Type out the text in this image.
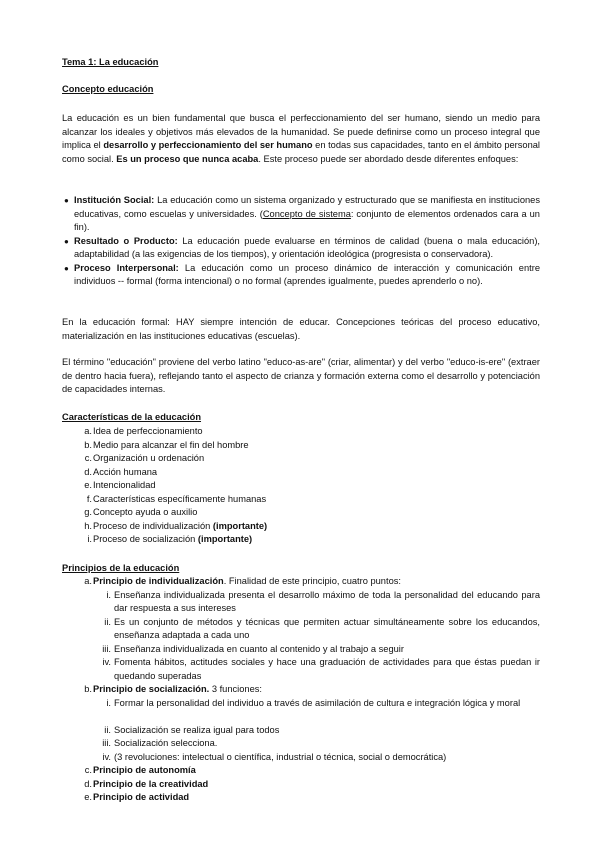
Tema 1: La educación
Concepto educación

La educación es un bien fundamental que busca el perfeccionamiento del ser humano, siendo un medio para alcanzar los ideales y objetivos más elevados de la humanidad. Se puede definirse como un proceso integral que implica el desarrollo y perfeccionamiento del ser humano en todas sus capacidades, tanto en el ámbito personal como social. Es un proceso que nunca acaba. Este proceso puede ser abordado desde diferentes enfoques:

● Institución Social: La educación como un sistema organizado y estructurado que se manifiesta en instituciones educativas, como escuelas y universidades. (Concepto de sistema: conjunto de elementos ordenados cara a un fin).
● Resultado o Producto: La educación puede evaluarse en términos de calidad (buena o mala educación), adaptabilidad (a las exigencias de los tiempos), y orientación ideológica (progresista o conservadora).
● Proceso Interpersonal: La educación como un proceso dinámico de interacción y comunicación entre individuos -- formal (forma intencional) o no formal (aprendes igualmente, puedes aprenderlo o no).

En la educación formal: HAY siempre intención de educar. Concepciones teóricas del proceso educativo, materialización en las instituciones educativas (escuelas).

El término "educación" proviene del verbo latino "educo-as-are" (criar, alimentar) y del verbo "educo-is-ere" (extraer de dentro hacia fuera), reflejando tanto el aspecto de crianza y formación externa como el desarrollo y potenciación de capacidades internas.

Características de la educación
a. Idea de perfeccionamiento
b. Medio para alcanzar el fin del hombre
c. Organización u ordenación
d. Acción humana
e. Intencionalidad
f. Características específicamente humanas
g. Concepto ayuda o auxilio
h. Proceso de individualización (importante)
i. Proceso de socialización (importante)
Principios de la educación
a. Principio de individualización. Finalidad de este principio, cuatro puntos:
i. Enseñanza individualizada presenta el desarrollo máximo de toda la personalidad del educando para dar respuesta a sus intereses
ii. Es un conjunto de métodos y técnicas que permiten actuar simultáneamente sobre los educandos, enseñanza adaptada a cada uno
iii. Enseñanza individualizada en cuanto al contenido y al trabajo a seguir
iv. Fomenta hábitos, actitudes sociales y hace una graduación de actividades para que éstas puedan ir quedando superadas
b. Principio de socialización. 3 funciones:
i. Formar la personalidad del individuo a través de asimilación de cultura e integración lógica y moral
ii. Socialización se realiza igual para todos
iii. Socialización selecciona.
iv. (3 revoluciones: intelectual o científica, industrial o técnica, social o democrática)
c. Principio de autonomía
d. Principio de la creatividad
e. Principio de actividad
